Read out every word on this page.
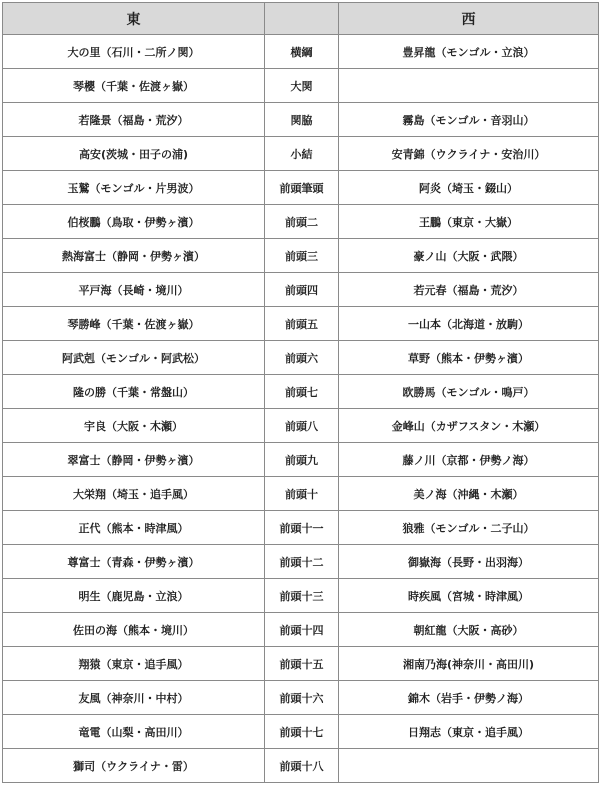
東		西
大の里（石川・二所ノ関）	横綱	豊昇龍（モンゴル・立浪）
琴櫻（千葉・佐渡ヶ嶽）	大関	
若隆景（福島・荒汐）	関脇	霧島（モンゴル・音羽山）
高安(茨城・田子の浦)	小結	安青錦（ウクライナ・安治川）
玉鷲（モンゴル・片男波）	前頭筆頭	阿炎（埼玉・錣山）
伯桜鵬（鳥取・伊勢ヶ濱）	前頭二	王鵬（東京・大嶽）
熱海富士（静岡・伊勢ヶ濱）	前頭三	豪ノ山（大阪・武隈）
平戸海（長崎・境川）	前頭四	若元春（福島・荒汐）
琴勝峰（千葉・佐渡ヶ嶽）	前頭五	一山本（北海道・放駒）
阿武剋（モンゴル・阿武松）	前頭六	草野（熊本・伊勢ヶ濱）
隆の勝（千葉・常盤山）	前頭七	欧勝馬（モンゴル・鳴戸）
宇良（大阪・木瀬）	前頭八	金峰山（カザフスタン・木瀬）
翠富士（静岡・伊勢ヶ濱）	前頭九	藤ノ川（京都・伊勢ノ海）
大栄翔（埼玉・追手風）	前頭十	美ノ海（沖縄・木瀬）
正代（熊本・時津風）	前頭十一	狼雅（モンゴル・二子山）
尊富士（青森・伊勢ヶ濱）	前頭十二	御嶽海（長野・出羽海）
明生（鹿児島・立浪）	前頭十三	時疾風（宮城・時津風）
佐田の海（熊本・境川）	前頭十四	朝紅龍（大阪・高砂）
翔猿（東京・追手風）	前頭十五	湘南乃海(神奈川・高田川)
友風（神奈川・中村）	前頭十六	錦木（岩手・伊勢ノ海）
竜電（山梨・高田川）	前頭十七	日翔志（東京・追手風）
獅司（ウクライナ・雷）	前頭十八	
